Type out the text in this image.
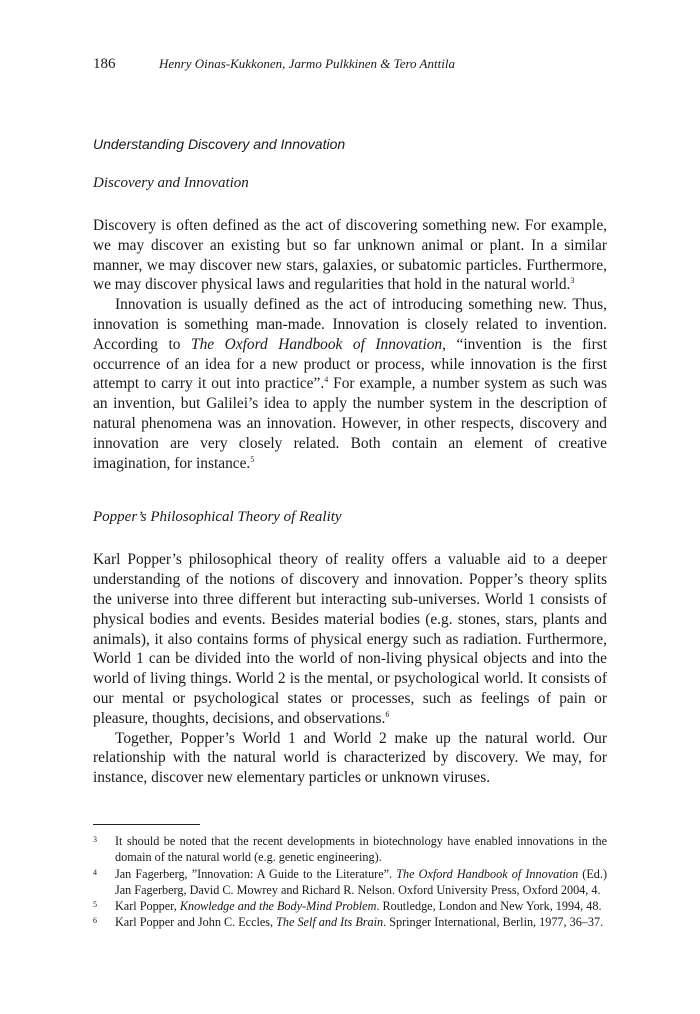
186	Henry Oinas-Kukkonen, Jarmo Pulkkinen & Tero Anttila
Understanding Discovery and Innovation
Discovery and Innovation

Discovery is often defined as the act of discovering something new. For example, we may discover an existing but so far unknown animal or plant. In a similar manner, we may discover new stars, galaxies, or subatomic particles. Furthermore, we may discover physical laws and regularities that hold in the natural world.$^3$

Innovation is usually defined as the act of introducing something new. Thus, innovation is something man-made. Innovation is closely related to invention. According to The Oxford Handbook of Innovation, “invention is the first occurrence of an idea for a new product or process, while innovation is the first attempt to carry it out into practice”.$^4$ For example, a number system as such was an invention, but Galilei’s idea to apply the number system in the description of natural phenomena was an innovation. However, in other respects, discovery and innovation are very closely related. Both contain an element of creative imagination, for instance.$^5$

Popper’s Philosophical Theory of Reality

Karl Popper’s philosophical theory of reality offers a valuable aid to a deeper understanding of the notions of discovery and innovation. Popper’s theory splits the universe into three different but interacting sub-universes. World 1 consists of physical bodies and events. Besides material bodies (e.g. stones, stars, plants and animals), it also contains forms of physical energy such as radiation. Furthermore, World 1 can be divided into the world of non-living physical objects and into the world of living things. World 2 is the mental, or psychological world. It consists of our mental or psychological states or processes, such as feelings of pain or pleasure, thoughts, decisions, and observations.$^6$

Together, Popper’s World 1 and World 2 make up the natural world. Our relationship with the natural world is characterized by discovery. We may, for instance, discover new elementary particles or unknown viruses.

3	It should be noted that the recent developments in biotechnology have enabled innovations in the domain of the natural world (e.g. genetic engineering).
4	Jan Fagerberg, ”Innovation: A Guide to the Literature”. The Oxford Handbook of Innovation (Ed.) Jan Fagerberg, David C. Mowrey and Richard R. Nelson. Oxford University Press, Oxford 2004, 4.
5	Karl Popper, Knowledge and the Body-Mind Problem. Routledge, London and New York, 1994, 48.
6	Karl Popper and John C. Eccles, The Self and Its Brain. Springer International, Berlin, 1977, 36–37.
